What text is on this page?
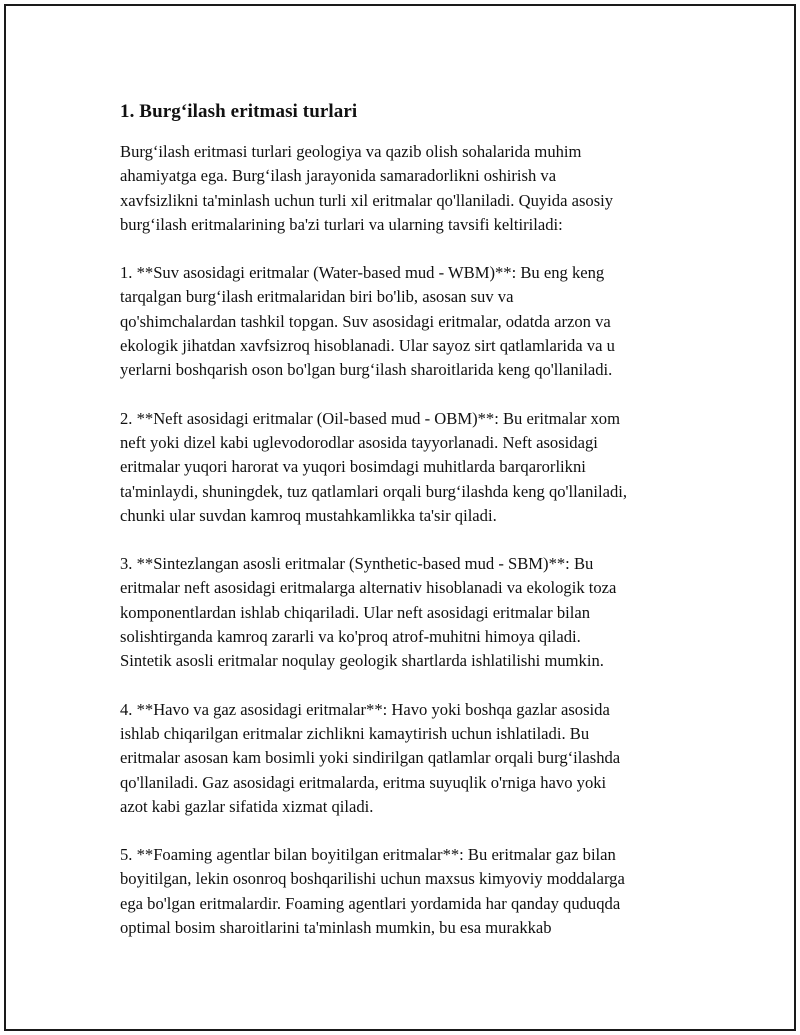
1. Burg‘ilash eritmasi turlari

Burg‘ilash eritmasi turlari geologiya va qazib olish sohalarida muhim
ahamiyatga ega. Burg‘ilash jarayonida samaradorlikni oshirish va
xavfsizlikni ta'minlash uchun turli xil eritmalar qo'llaniladi. Quyida asosiy
burg‘ilash eritmalarining ba'zi turlari va ularning tavsifi keltiriladi:

1. **Suv asosidagi eritmalar (Water-based mud - WBM)**: Bu eng keng
tarqalgan burg‘ilash eritmalaridan biri bo'lib, asosan suv va
qo'shimchalardan tashkil topgan. Suv asosidagi eritmalar, odatda arzon va
ekologik jihatdan xavfsizroq hisoblanadi. Ular sayoz sirt qatlamlarida va u
yerlarni boshqarish oson bo'lgan burg‘ilash sharoitlarida keng qo'llaniladi.

2. **Neft asosidagi eritmalar (Oil-based mud - OBM)**: Bu eritmalar xom
neft yoki dizel kabi uglevodorodlar asosida tayyorlanadi. Neft asosidagi
eritmalar yuqori harorat va yuqori bosimdagi muhitlarda barqarorlikni
ta'minlaydi, shuningdek, tuz qatlamlari orqali burg‘ilashda keng qo'llaniladi,
chunki ular suvdan kamroq mustahkamlikka ta'sir qiladi.

3. **Sintezlangan asosli eritmalar (Synthetic-based mud - SBM)**: Bu
eritmalar neft asosidagi eritmalarga alternativ hisoblanadi va ekologik toza
komponentlardan ishlab chiqariladi. Ular neft asosidagi eritmalar bilan
solishtirganda kamroq zararli va ko'proq atrof-muhitni himoya qiladi.
Sintetik asosli eritmalar noqulay geologik shartlarda ishlatilishi mumkin.

4. **Havo va gaz asosidagi eritmalar**: Havo yoki boshqa gazlar asosida
ishlab chiqarilgan eritmalar zichlikni kamaytirish uchun ishlatiladi. Bu
eritmalar asosan kam bosimli yoki sindirilgan qatlamlar orqali burg‘ilashda
qo'llaniladi. Gaz asosidagi eritmalarda, eritma suyuqlik o'rniga havo yoki
azot kabi gazlar sifatida xizmat qiladi.

5. **Foaming agentlar bilan boyitilgan eritmalar**: Bu eritmalar gaz bilan
boyitilgan, lekin osonroq boshqarilishi uchun maxsus kimyoviy moddalarga
ega bo'lgan eritmalardir. Foaming agentlari yordamida har qanday quduqda
optimal bosim sharoitlarini ta'minlash mumkin, bu esa murakkab
